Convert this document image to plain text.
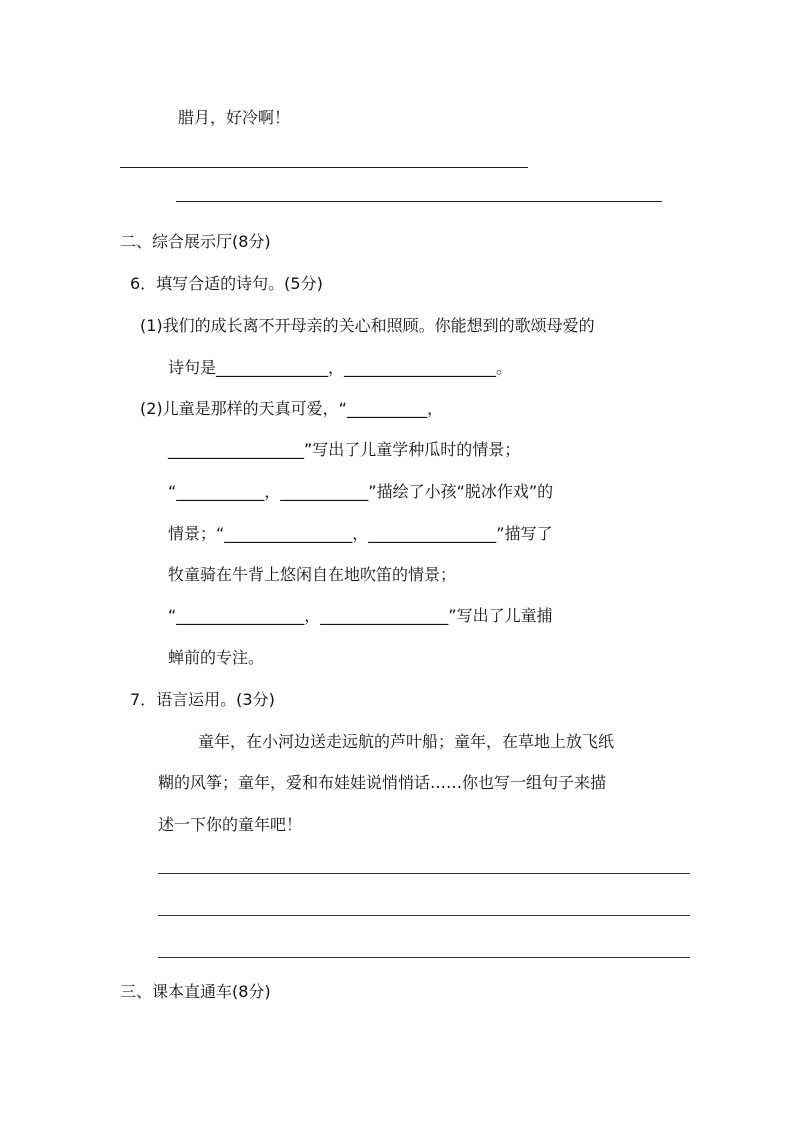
腊月，好冷啊！
二、综合展示厅(8分)
6．填写合适的诗句。(5分)
(1)我们的成长离不开母亲的关心和照顾。你能想到的歌颂母爱的
诗句是______________，___________________。
(2)儿童是那样的天真可爱，“__________，
_________________”写出了儿童学种瓜时的情景；
“___________，___________”描绘了小孩“脱冰作戏”的
情景；“________________，________________”描写了
牧童骑在牛背上悠闲自在地吹笛的情景；
“________________，________________”写出了儿童捕
蝉前的专注。
7．语言运用。(3分)
童年，在小河边送走远航的芦叶船；童年，在草地上放飞纸
糊的风筝；童年，爱和布娃娃说悄悄话……你也写一组句子来描
述一下你的童年吧！
三、课本直通车(8分)
